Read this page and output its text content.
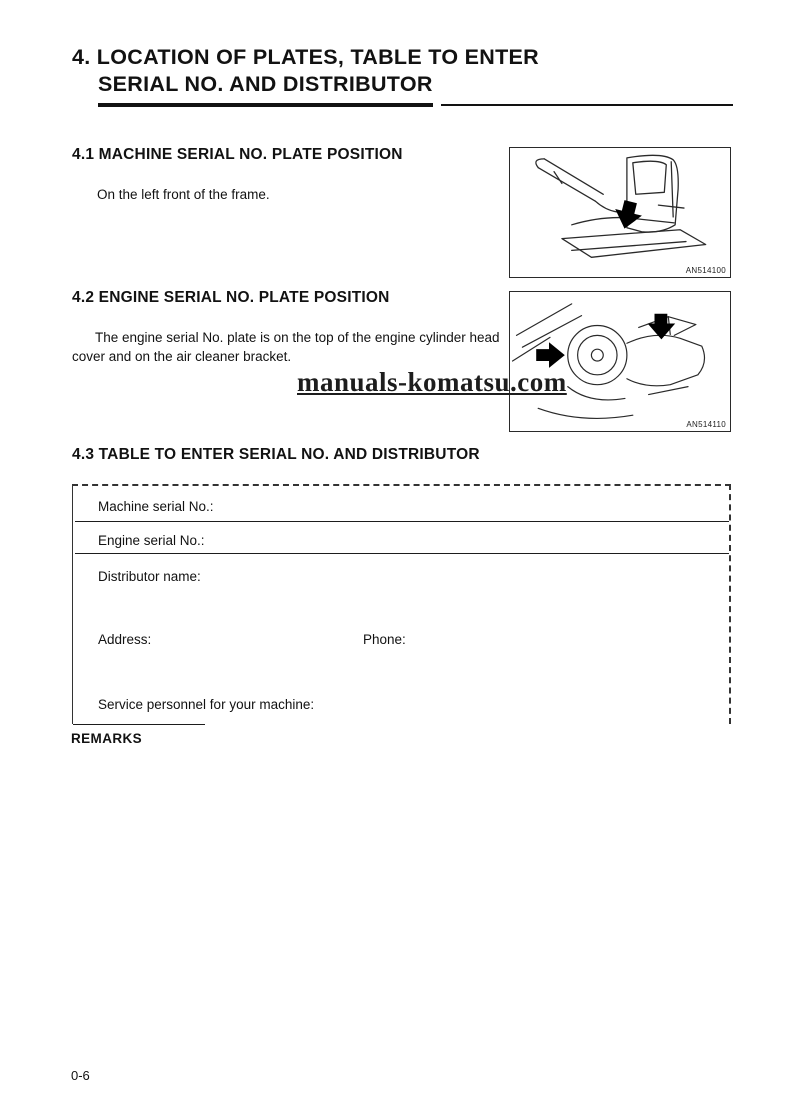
4. LOCATION OF PLATES, TABLE TO ENTER
SERIAL NO. AND DISTRIBUTOR
4.1 MACHINE SERIAL NO. PLATE POSITION

On the left front of the frame.

AN514100
4.2 ENGINE SERIAL NO. PLATE POSITION

The engine serial No. plate is on the top of the engine cylinder head cover and on the air cleaner bracket.

AN514110
manuals-komatsu.com
4.3 TABLE TO ENTER SERIAL NO. AND DISTRIBUTOR
Machine serial No.:
Engine serial No.:
Distributor name:
Address:	Phone:
Service personnel for your machine:
REMARKS
0-6
